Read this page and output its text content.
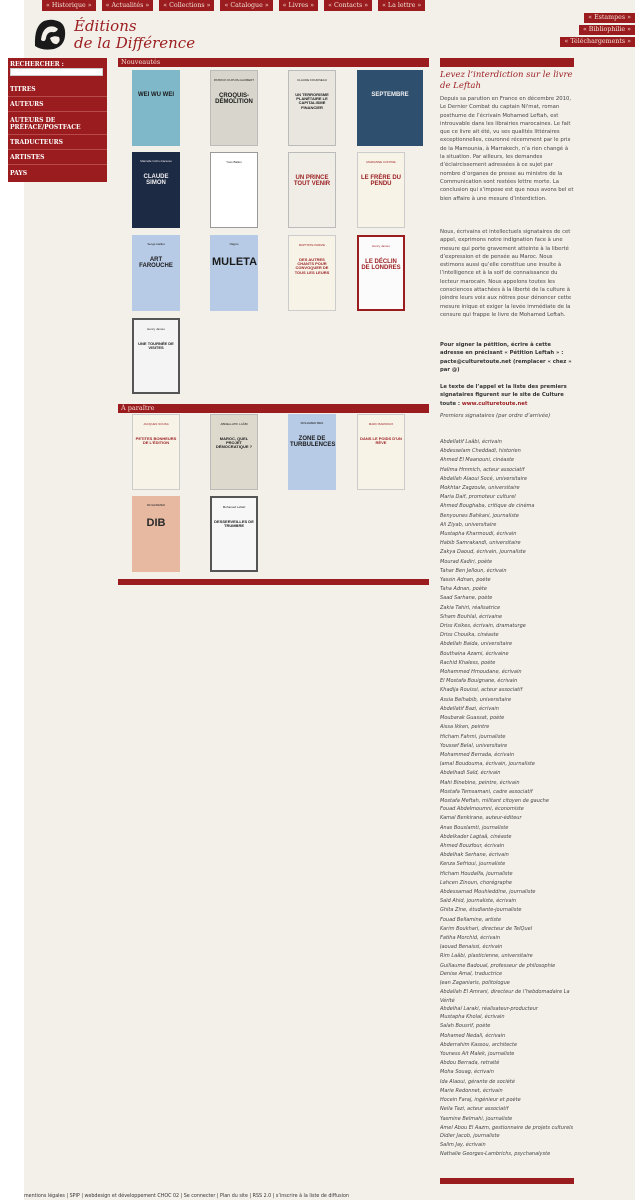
« Historique »	« Actualités »	« Collections »	« Catalogue »	« Livres »	« Contacts »	« La lettre »
« Estampes »
« Bibliophilie »
« Téléchargements »
Éditions
de la Différence
RECHERCHER :
TITRES
AUTEURS
AUTEURS DE PRÉFACE/POSTFACE
TRADUCTEURS
ARTISTES
PAYS
Nouveautés
WEI WU WEI
PATRICK DUPUIS-GAUBERT
CROQUIS-DÉMOLITION
CLAUDE FOURNEAU
UN TERRORISME PLANÉTAIRE LE CAPITALISME FINANCIER
SEPTEMBRE
Marcelle Cohn-Caceres
CLAUDE SIMON
Yves Ballon
UN PRINCE TOUT VENIR
MARIANNE CONTRE
LE FRÈRE DU PENDU
Serge Haillet
ART FAROUCHE
Nagrio
MULETA
BAPTISTE PARIZE
DES AUTRES CHANTS POUR CONVOQUER DE TOUS LES LEURS
Henry James
LE DÉCLIN DE LONDRES
Henry James
UNE TOURNÉE DE VISITES
À paraître
JACQUES SOUSA
PETITES BONHEURS DE L'ÉDITION
ABDELLATIF LAÂBI
MAROC, QUEL PROJET DÉMOCRATIQUE ?
MOHAMED BEN
ZONE DE TURBULENCES
MARC BARDOUX
DANS LE POIDS D'UN RÊVE
MOHAMMED
DIB
Mohamed Leftah
DESSERVEILLES DE TRUMBRE
Levez l’interdiction sur le livre de Leftah

Depuis sa parution en France en décembre 2010, Le Dernier Combat du captain Ni'mat, roman posthume de l’écrivain Mohamed Leftah, est introuvable dans les librairies marocaines. Le fait que ce livre ait été, vu ses qualités littéraires exceptionnelles, couronné récemment par le prix de la Mamounia, à Marrakech, n’a rien changé à la situation. Par ailleurs, les demandes d’éclaircissement adressées à ce sujet par nombre d’organes de presse au ministre de la Communication sont restées lettre morte. La conclusion qui s’impose est que nous avons bel et bien affaire à une mesure d’interdiction.

Nous, écrivains et intellectuels signataires de cet appel, exprimons notre indignation face à une mesure qui porte gravement atteinte à la liberté d’expression et de pensée au Maroc. Nous estimons aussi qu’elle constitue une insulte à l’intelligence et à la soif de connaissance du lecteur marocain. Nous appelons toutes les consciences attachées à la liberté de la culture à joindre leurs voix aux nôtres pour dénoncer cette mesure inique et exiger la levée immédiate de la censure qui frappe le livre de Mohamed Leftah.

Pour signer la pétition, écrire à cette adresse en précisant « Pétition Leftah » : pacte@culturetoute.net (remplacer « chez » par @)

Le texte de l’appel et la liste des premiers signataires figurent sur le site de Culture toute : www.culturetoute.net

Premiers signataires (par ordre d’arrivée)

Abdellatif Laâbi, écrivain
Abdesselam Cheddadi, historien
Ahmed El Maanouni, cinéaste
Halima Hmmich, acteur associatif
Abdallah Alaoui Socé, universitaire
Mokhtar Zagzoule, universitaire
Maria Daif, promoteur culturel
Ahmed Boughaba, critique de cinéma
Benyounes Bahkani, journaliste
Ali Ziyab, universitaire
Mustapha Kharmoudi, écrivain
Habib Samrakandi, universitaire
Zakya Daoud, écrivain, journaliste
Mourad Kadiri, poète
Tahar Ben Jelloun, écrivain
Yassin Adnan, poète
Taha Adnan, poète
Saad Sarhane, poète
Zakia Tahiri, réalisatrice
Siham Bouhlal, écrivaine
Driss Ksikes, écrivain, dramaturge
Driss Chouika, cinéaste
Abdellah Baida, universitaire
Bouthaina Azami, écrivaine
Rachid Khaless, poète
Mohammed Hmoudane, écrivain
El Mostafa Bouignane, écrivain
Khadija Rouissi, acteur associatif
Assia Belhabib, universitaire
Abdellatif Bazi, écrivain
Moubarak Guassat, poète
Aissa Ikken, peintre
Hicham Fahmi, journaliste
Youssef Belal, universitaire
Mohammed Berrada, écrivain
Jamal Boudouma, écrivain, journaliste
Abdelhadi Saïd, écrivain
Mahi Binebine, peintre, écrivain
Mostafa Temsamani, cadre associatif
Mostafa Meftah, militant citoyen de gauche
Fouad Abdelmoumni, économiste
Kamal Benkirane, auteur-éditeur
Anas Bouslamti, journaliste
Abdelkader Lagtaâ, cinéaste
Ahmed Bouzfour, écrivain
Abdelhak Serhane, écrivain
Kenza Sefrioui, journaliste
Hicham Houdaïfa, journaliste
Lahcen Zinoun, chorégraphe
Abdessamad Mouhieddine, journaliste
Saïd Ahid, journaliste, écrivain
Ghita Zine, étudiante-journaliste
Fouad Bellamine, artiste
Karim Boukhari, directeur de TelQuel
Fatiha Morchid, écrivain
Jaouad Benaissi, écrivain
Rim Laâbi, plasticienne, universitaire
Guillaume Badoual, professeur de philosophie
Denise Amal, traductrice
Jean Zaganiaris, politologue
Abdallah El Amrani, directeur de l’hebdomadaire La Vérité
Abdelhaï Laraki, réalisateur-producteur
Mustapha Kholal, écrivain
Salah Bousrif, poète
Mohamed Nedali, écrivain
Abderrahim Kassou, architecte
Youness Ait Malek, journaliste
Abdou Berrada, retraité
Moha Souag, écrivain
Ida Alaoui, gérante de société
Marie Redonnet, écrivain
Hocein Faraj, ingénieur et poète
Neila Tazi, acteur associatif
Yasmine Belmahi, journaliste
Amel Abou El Aazm, gestionnaire de projets culturels
Didier Jacob, journaliste
Salim Jay, écrivain
Nathalie Georges-Lambrichs, psychanalyste
mentions légales | SPIP | webdesign et développement CHOC 02 | Se connecter | Plan du site | RSS 2.0 | s’inscrire à la liste de diffusion
